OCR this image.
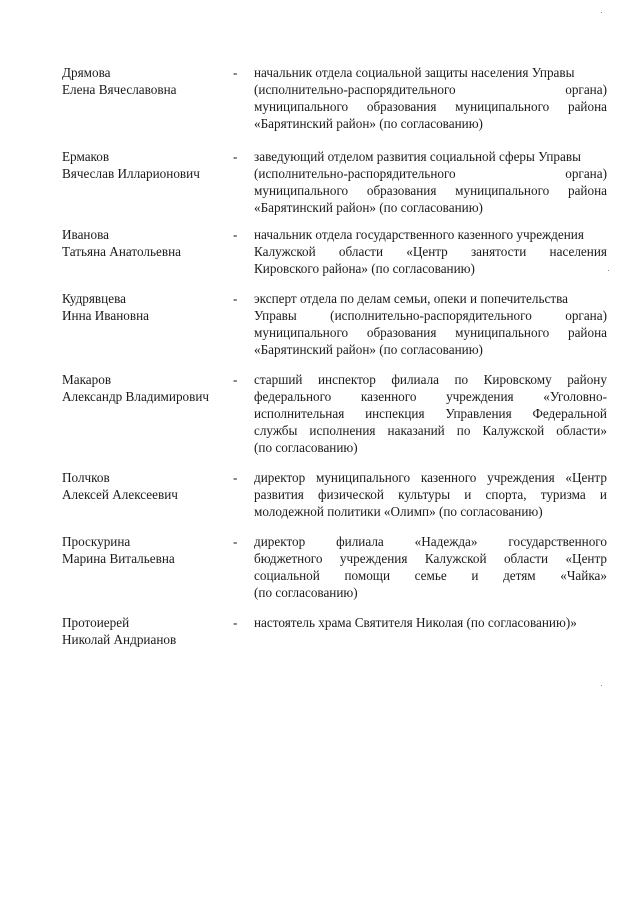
Дрямова
Елена Вячеславовна
- начальник отдела социальной защиты населения Управы
(исполнительно-распорядительного	органа)
муниципального образования муниципального района
«Барятинский район» (по согласованию)
Ермаков
Вячеслав Илларионович
- заведующий отделом развития социальной сферы Управы
(исполнительно-распорядительного	органа)
муниципального образования муниципального района
«Барятинский район» (по согласованию)
Иванова
Татьяна Анатольевна
- начальник отдела государственного казенного учреждения
Калужской области «Центр занятости населения
Кировского района» (по согласованию)
Кудрявцева
Инна Ивановна
- эксперт отдела по делам семьи, опеки и попечительства
Управы	(исполнительно-распорядительного	органа)
муниципального образования муниципального района
«Барятинский район» (по согласованию)
Макаров
Александр Владимирович
- старший инспектор филиала по Кировскому району
федерального казенного учреждения «Уголовно-
исполнительная инспекция Управления Федеральной
службы исполнения наказаний по Калужской области»
(по согласованию)
Полчков
Алексей Алексеевич
- директор муниципального казенного учреждения «Центр
развития физической культуры и спорта, туризма и
молодежной политики «Олимп» (по согласованию)
Проскурина
Марина Витальевна
- директор филиала «Надежда» государственного
бюджетного учреждения Калужской области «Центр
социальной помощи семье и детям «Чайка»
(по согласованию)
Протоиерей
Николай Андрианов
- настоятель храма Святителя Николая (по согласованию)»
